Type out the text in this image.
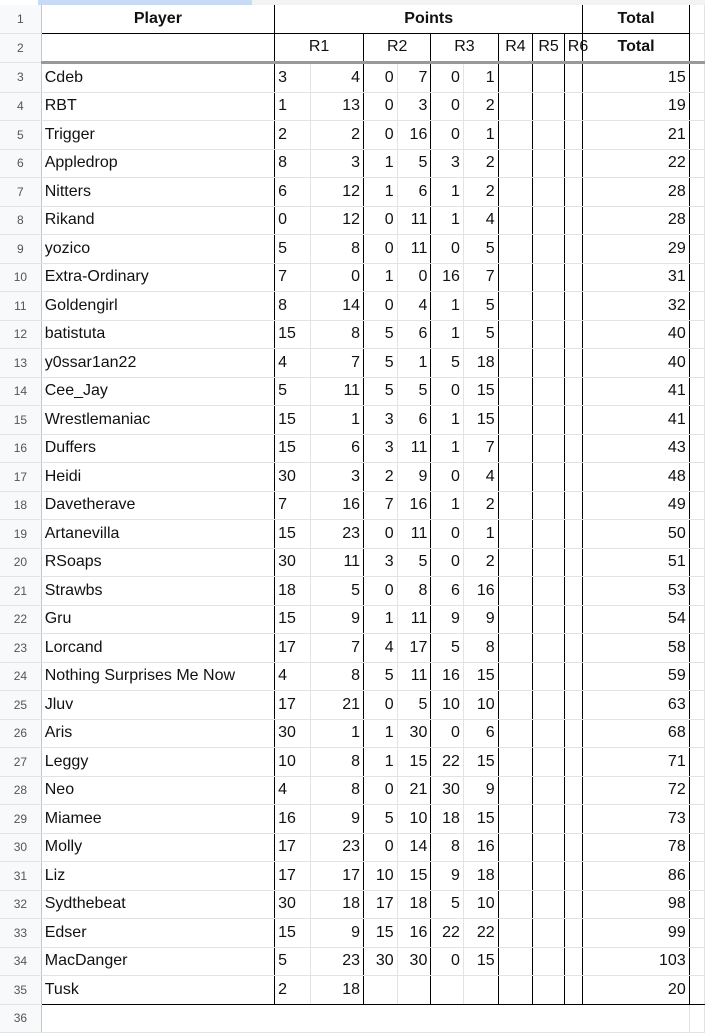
1	Player	Points									Total	
2		R1		R2		R3		R4	R5	R6	Total	
3	Cdeb	3	4	0	7	0	1				15	
4	RBT	1	13	0	3	0	2				19	
5	Trigger	2	2	0	16	0	1				21	
6	Appledrop	8	3	1	5	3	2				22	
7	Nitters	6	12	1	6	1	2				28	
8	Rikand	0	12	0	11	1	4				28	
9	yozico	5	8	0	11	0	5				29	
10	Extra-Ordinary	7	0	1	0	16	7				31	
11	Goldengirl	8	14	0	4	1	5				32	
12	batistuta	15	8	5	6	1	5				40	
13	y0ssar1an22	4	7	5	1	5	18				40	
14	Cee_Jay	5	11	5	5	0	15				41	
15	Wrestlemaniac	15	1	3	6	1	15				41	
16	Duffers	15	6	3	11	1	7				43	
17	Heidi	30	3	2	9	0	4				48	
18	Davetherave	7	16	7	16	1	2				49	
19	Artanevilla	15	23	0	11	0	1				50	
20	RSoaps	30	11	3	5	0	2				51	
21	Strawbs	18	5	0	8	6	16				53	
22	Gru	15	9	1	11	9	9				54	
23	Lorcand	17	7	4	17	5	8				58	
24	Nothing Surprises Me Now	4	8	5	11	16	15				59	
25	Jluv	17	21	0	5	10	10				63	
26	Aris	30	1	1	30	0	6				68	
27	Leggy	10	8	1	15	22	15				71	
28	Neo	4	8	0	21	30	9				72	
29	Miamee	16	9	5	10	18	15				73	
30	Molly	17	23	0	14	8	16				78	
31	Liz	17	17	10	15	9	18				86	
32	Sydthebeat	30	18	17	18	5	10				98	
33	Edser	15	9	15	16	22	22				99	
34	MacDanger	5	23	30	30	0	15				103	
35	Tusk	2	18								20	
36												
